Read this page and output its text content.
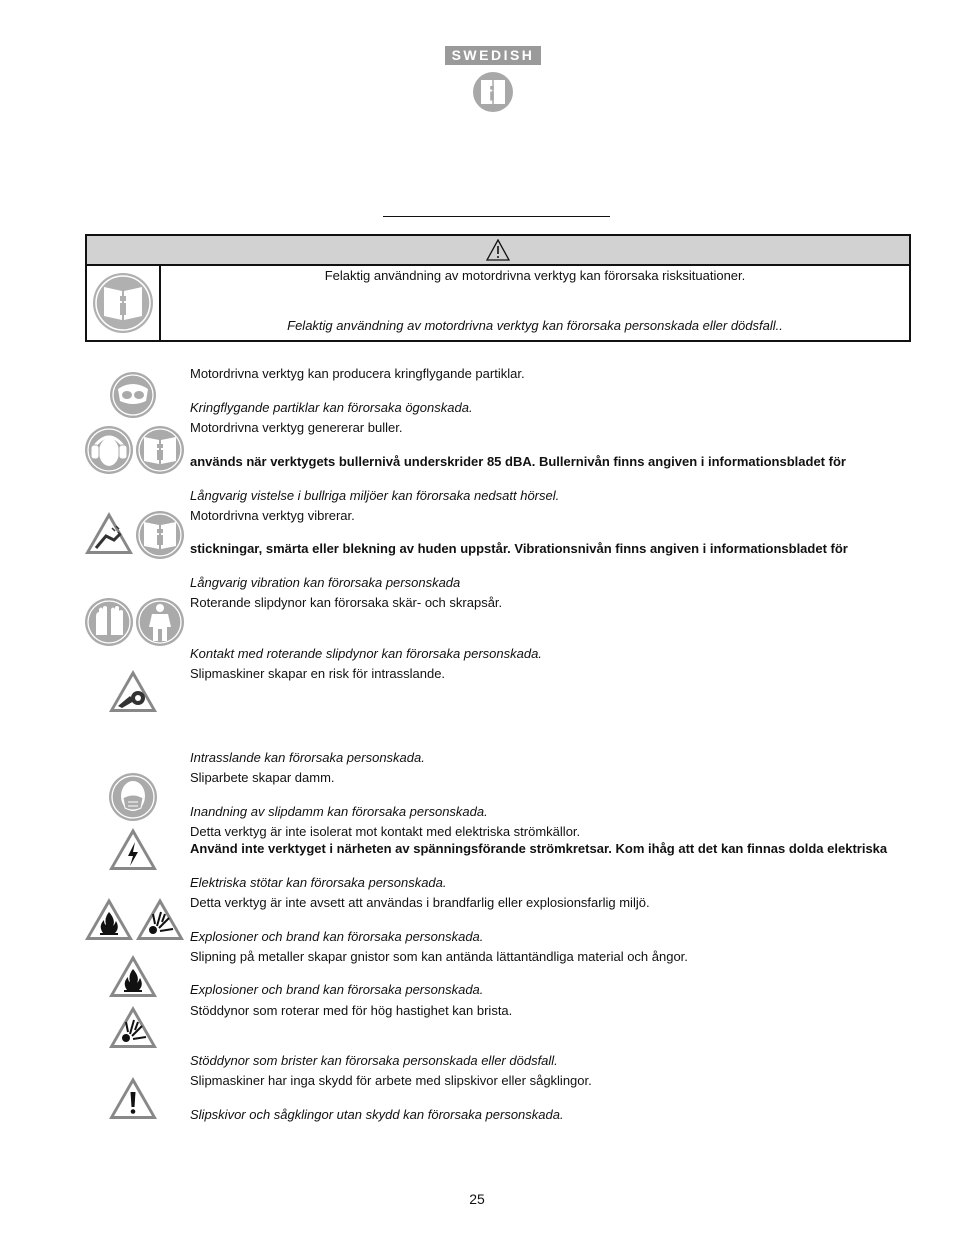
SWEDISH
Felaktig användning av motordrivna verktyg kan förorsaka risksituationer.
Felaktig användning av motordrivna verktyg kan förorsaka personskada eller dödsfall..
Motordrivna verktyg kan producera kringflygande partiklar.
Kringflygande partiklar kan förorsaka ögonskada.
Motordrivna verktyg genererar buller.
används när verktygets bullernivå underskrider 85 dBA. Bullernivån finns angiven i informationsbladet för
Långvarig vistelse i bullriga miljöer kan förorsaka nedsatt hörsel.
Motordrivna verktyg vibrerar.
stickningar, smärta eller blekning av huden uppstår. Vibrationsnivån finns angiven i informationsbladet för
Långvarig vibration kan förorsaka personskada
Roterande slipdynor kan förorsaka skär- och skrapsår.
Kontakt med roterande slipdynor kan förorsaka personskada.
Slipmaskiner skapar en risk för intrasslande.
Intrasslande kan förorsaka personskada.
Sliparbete skapar damm.
Inandning av slipdamm kan förorsaka personskada.
Detta verktyg är inte isolerat mot kontakt med elektriska strömkällor.
Använd inte verktyget i närheten av spänningsförande strömkretsar. Kom ihåg att det kan finnas dolda elektriska
Elektriska stötar kan förorsaka personskada.
Detta verktyg är inte avsett att användas i brandfarlig eller explosionsfarlig miljö.
Explosioner och brand kan förorsaka personskada.
Slipning på metaller skapar gnistor som kan antända lättantändliga material och ångor.
Explosioner och brand kan förorsaka personskada.
Stöddynor som roterar med för hög hastighet kan brista.
Stöddynor som brister kan förorsaka personskada eller dödsfall.
Slipmaskiner har inga skydd för arbete med slipskivor eller sågklingor.
Slipskivor och sågklingor utan skydd kan förorsaka personskada.
25
